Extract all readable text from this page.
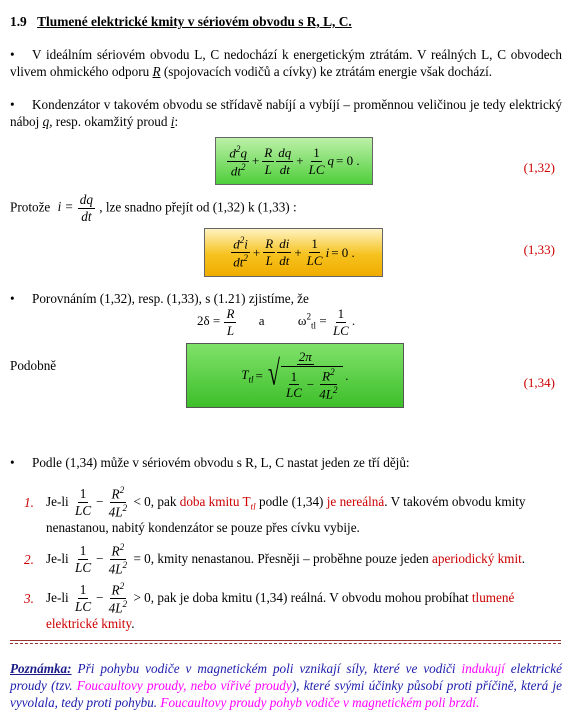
1.9 Tlumené elektrické kmity v sériovém obvodu s R, L, C.
• V ideálním sériovém obvodu L, C nedochází k energetickým ztrátám. V reálných L, C obvodech vlivem ohmického odporu R (spojovacích vodičů a cívky) ke ztrátám energie však dochází.
• Kondenzátor v takovém obvodu se střídavě nabíjí a vybíjí – proměnnou veličinou je tedy elektrický náboj q, resp. okamžitý proud i:
$\frac{d^2q}{dt^2} + \frac{R}{L} \frac{dq}{dt} + \frac{1}{LC}$ q = 0 .	(1,32)
Protože $i = \frac{dq}{dt}$ , lze snadno přejít od (1,32) k (1,33) :
$\frac{d^2i}{dt^2} + \frac{R}{L} \frac{di}{dt} + \frac{1}{LC}$ i = 0 .	(1,33)
• Porovnáním (1,32), resp. (1,33), s (1.21) zjistíme, že
$2\delta = \frac{R}{L}$ a	$\omega^2_{tl} = \frac{1}{LC}$ .
Podobně
$T_{tl} = \frac{2\pi}{√ \frac{1}{LC} - \frac{R^2}{4L^2}}$ .	(1,34)
• Podle (1,34) může v sériovém obvodu s R, L, C nastat jeden ze tří dějů:
1. $Je-li \frac{1}{LC} - \frac{R^2}{4L^2} < 0$, pak doba kmitu $T_{tl}$ podle (1,34) je nereálná. V takovém obvodu kmity nenastanou, nabitý kondenzátor se pouze přes cívku vybije.
2. $Je-li \frac{1}{LC} - \frac{R^2}{4L^2} = 0$, kmity nenastanou. Přesněji – proběhne pouze jeden aperiodický kmit.
3. $Je-li \frac{1}{LC} - \frac{R^2}{4L^2} > 0$, pak je doba kmitu (1,34) reálná. V obvodu mohou probíhat tlumené elektrické kmity.
Poznámka: Při pohybu vodiče v magnetickém poli vznikají síly, které ve vodiči indukují elektrické proudy (tzv. Foucaultovy proudy, nebo vířivé proudy), které svými účinky působí proti příčině, která je vyvolala, tedy proti pohybu. Foucaultovy proudy pohyb vodiče v magnetickém poli brzdí.
